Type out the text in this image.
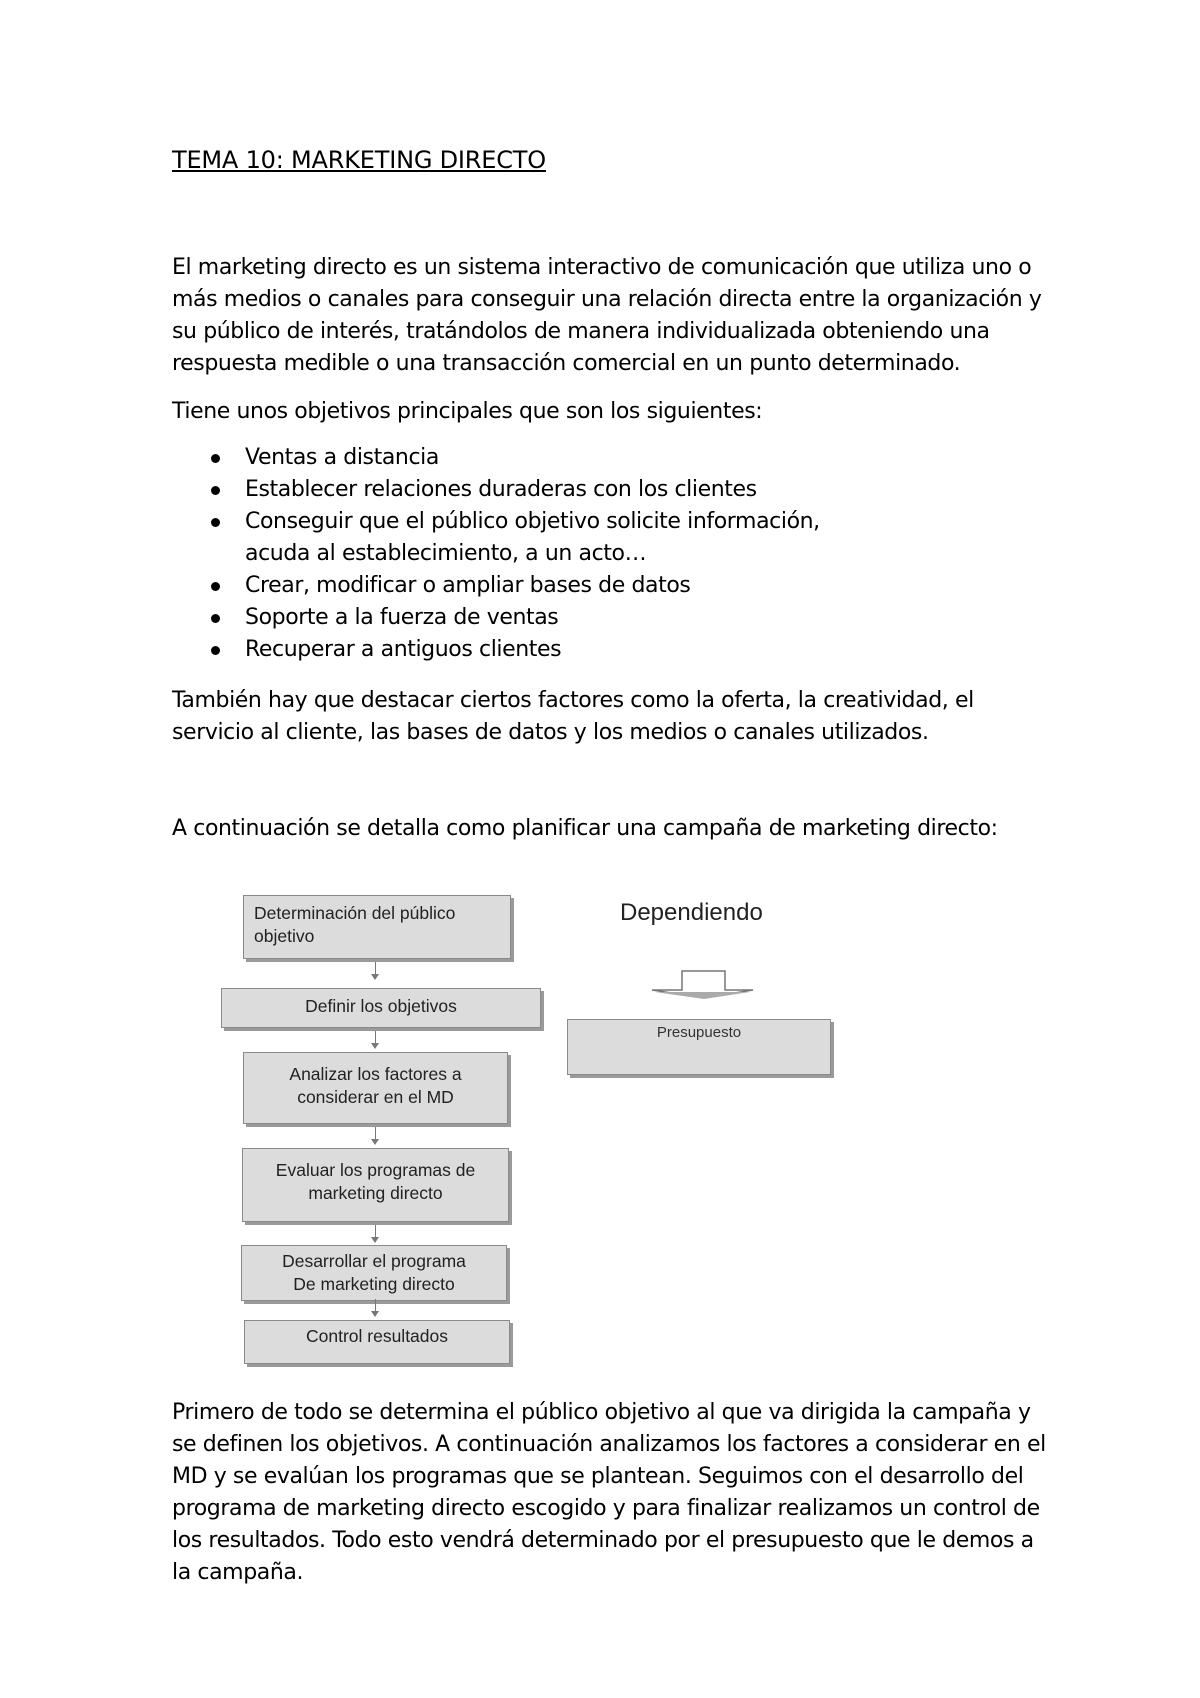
TEMA 10: MARKETING DIRECTO

El marketing directo es un sistema interactivo de comunicación que utiliza uno o más medios o canales para conseguir una relación directa entre la organización y su público de interés, tratándolos de manera individualizada obteniendo una respuesta medible o una transacción comercial en un punto determinado.

Tiene unos objetivos principales que son los siguientes:

Ventas a distancia
Establecer relaciones duraderas con los clientes
Conseguir que el público objetivo solicite información, acuda al establecimiento, a un acto…
Crear, modificar o ampliar bases de datos
Soporte a la fuerza de ventas
Recuperar a antiguos clientes

También hay que destacar ciertos factores como la oferta, la creatividad, el servicio al cliente, las bases de datos y los medios o canales utilizados.

A continuación se detalla como planificar una campaña de marketing directo:

Determinación del público
objetivo
Definir los objetivos
Analizar los factores a
considerar en el MD
Evaluar los programas de
marketing directo
Desarrollar el programa
De marketing directo
Control resultados
Dependiendo
Presupuesto

Primero de todo se determina el público objetivo al que va dirigida la campaña y se definen los objetivos. A continuación analizamos los factores a considerar en el MD y se evalúan los programas que se plantean. Seguimos con el desarrollo del programa de marketing directo escogido y para finalizar realizamos un control de los resultados. Todo esto vendrá determinado por el presupuesto que le demos a la campaña.
